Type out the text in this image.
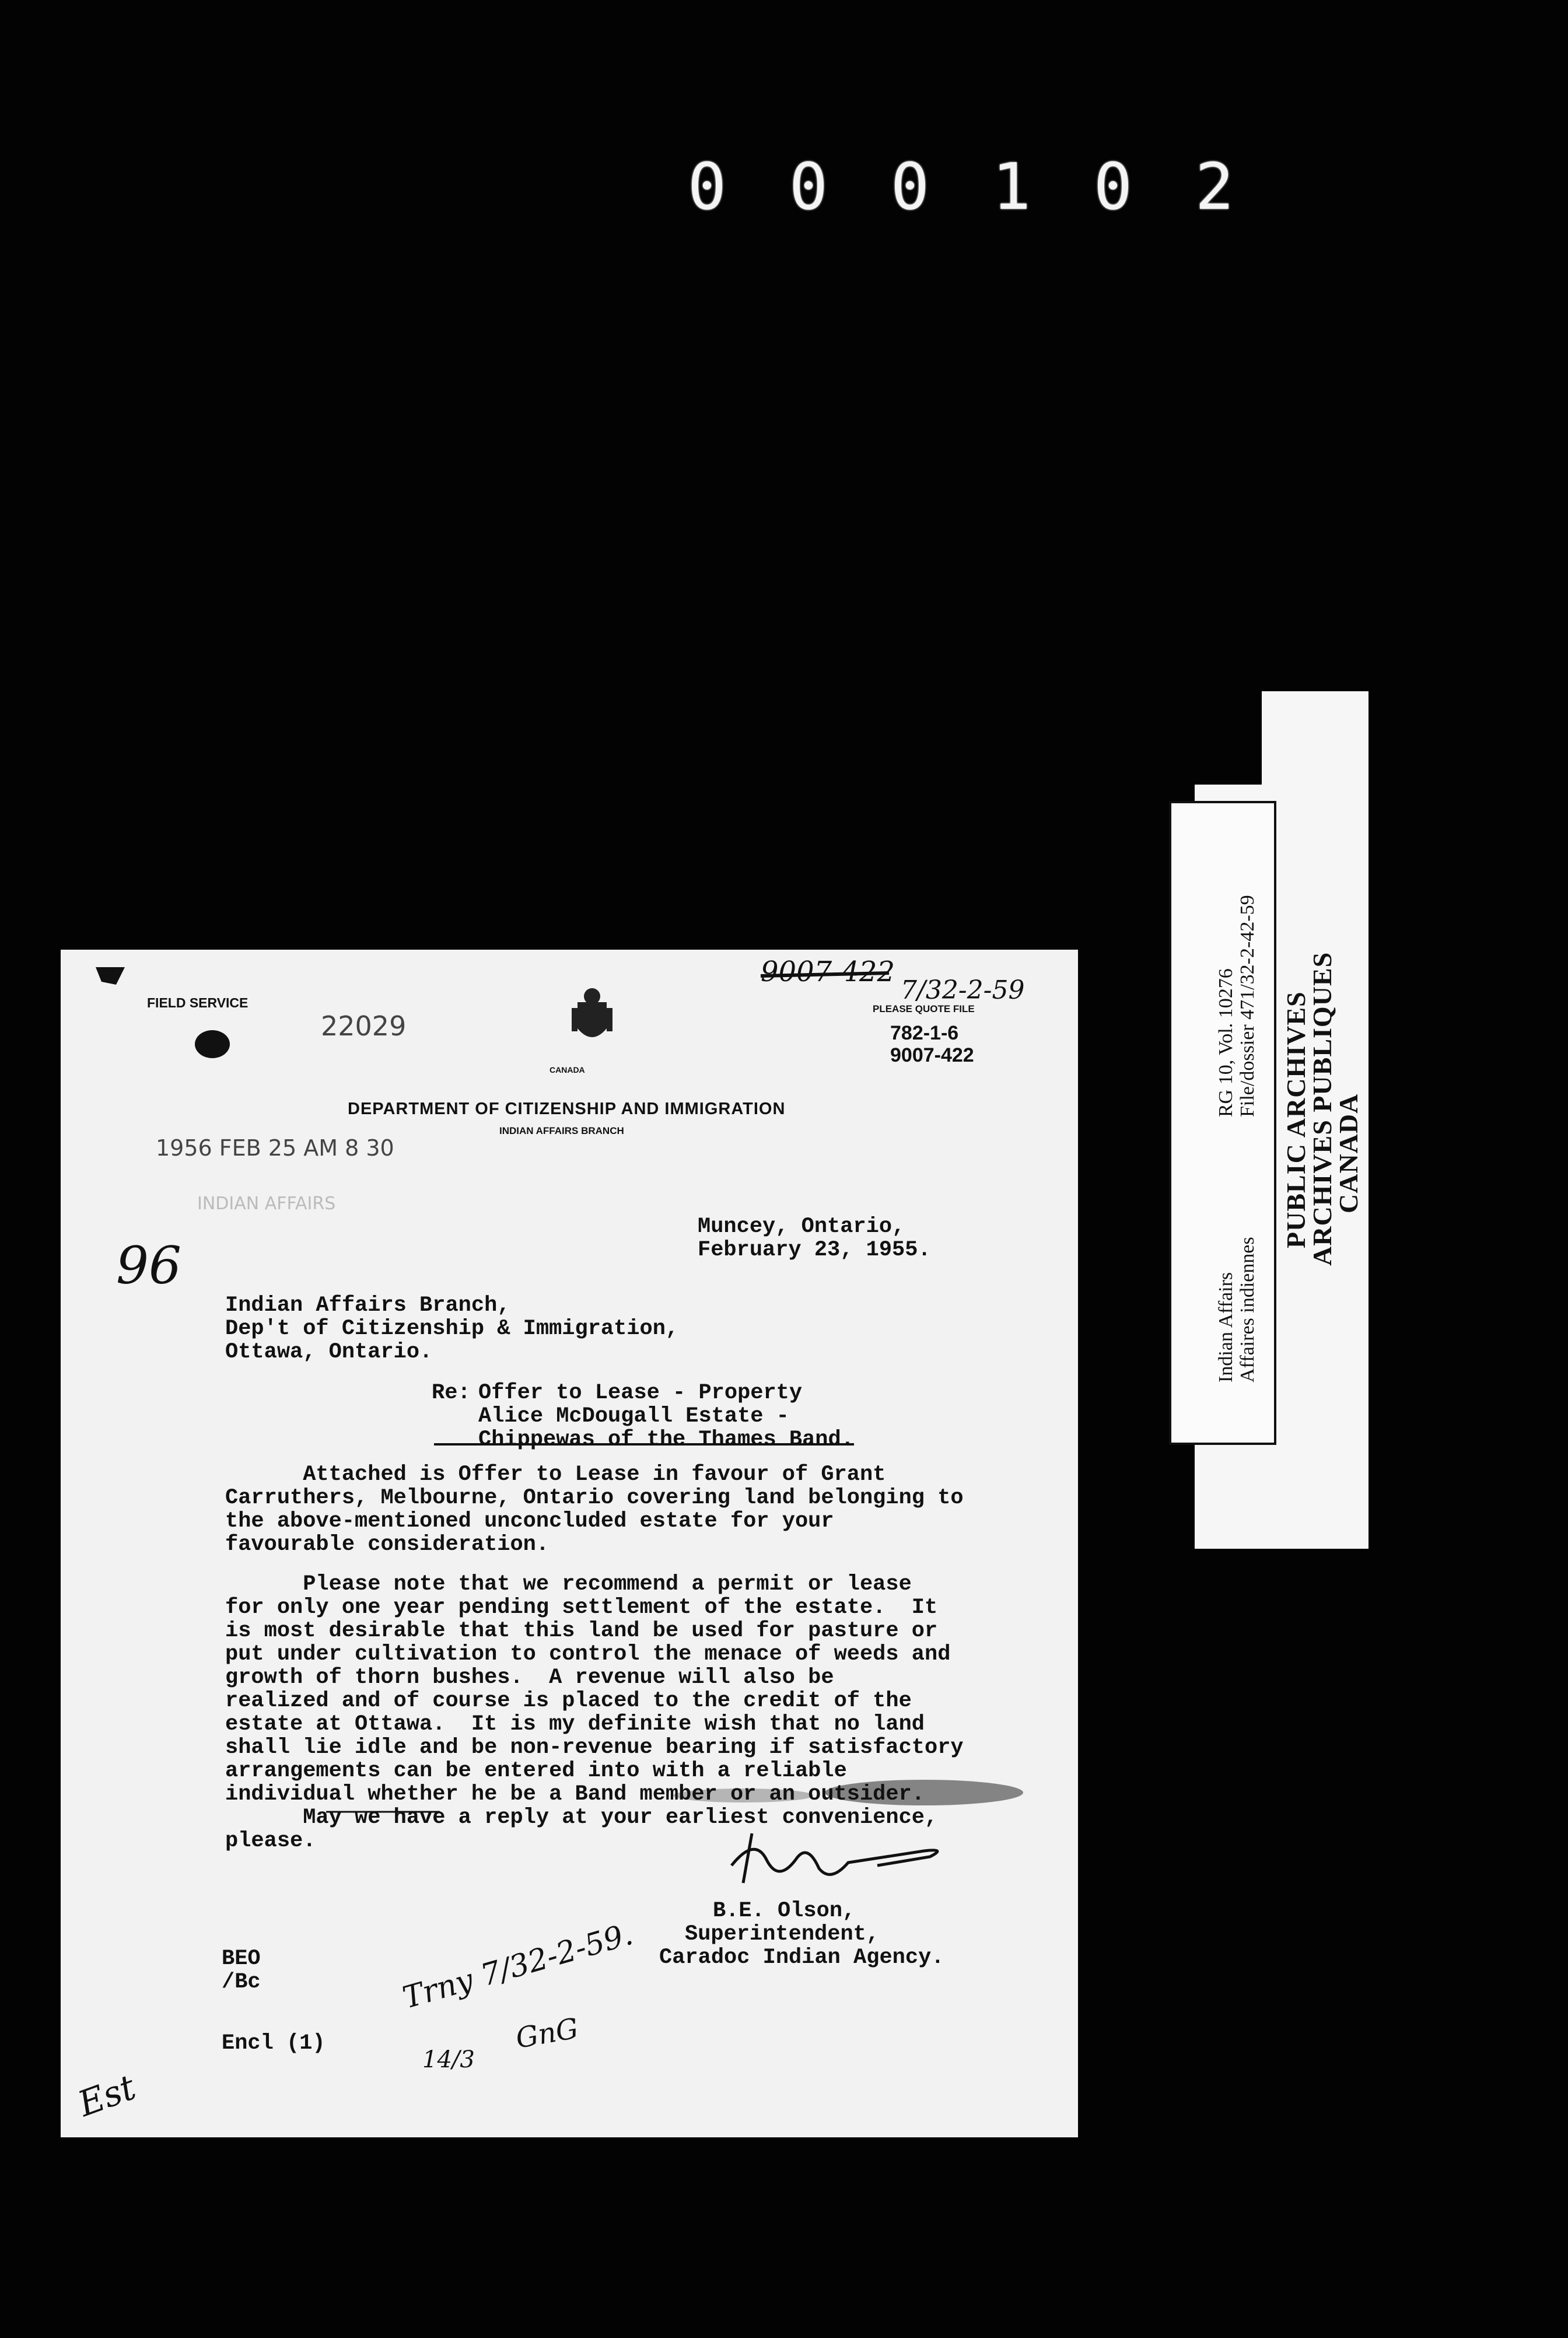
0 0 0 1 0 2
Indian Affairs Affaires indiennes
RG 10, Vol. 10276 File/dossier 471/32-2-42-59 PUBLIC ARCHIVES
ARCHIVES PUBLIQUES
CANADA
FIELD SERVICE
22029
CANADA
DEPARTMENT OF CITIZENSHIP AND IMMIGRATION
INDIAN AFFAIRS BRANCH
PLEASE QUOTE FILE
9007-422
7/32-2-59
782-1-6
9007-422
1956 FEB 25 AM 8 30
INDIAN AFFAIRS
96
Muncey, Ontario,
February 23, 1955.
Indian Affairs Branch,
Dep't of Citizenship & Immigration,
Ottawa, Ontario.
Re: Offer to Lease - Property
Alice McDougall Estate -
Chippewas of the Thames Band.
Attached is Offer to Lease in favour of Grant
Carruthers, Melbourne, Ontario covering land belonging to
the above-mentioned unconcluded estate for your
favourable consideration.
Please note that we recommend a permit or lease
for only one year pending settlement of the estate.  It
is most desirable that this land be used for pasture or
put under cultivation to control the menace of weeds and
growth of thorn bushes.  A revenue will also be
realized and of course is placed to the credit of the
estate at Ottawa.  It is my definite wish that no land
shall lie idle and be non-revenue bearing if satisfactory
arrangements can be entered into with a reliable
individual whether he be a Band member or an outsider.
May we have a reply at your earliest convenience,
please.
B.E. Olson,
Superintendent,
Caradoc Indian Agency.
BEO
/Bc
Encl (1)
Trny 7/32-2-59.
14/3
GnG
Est
